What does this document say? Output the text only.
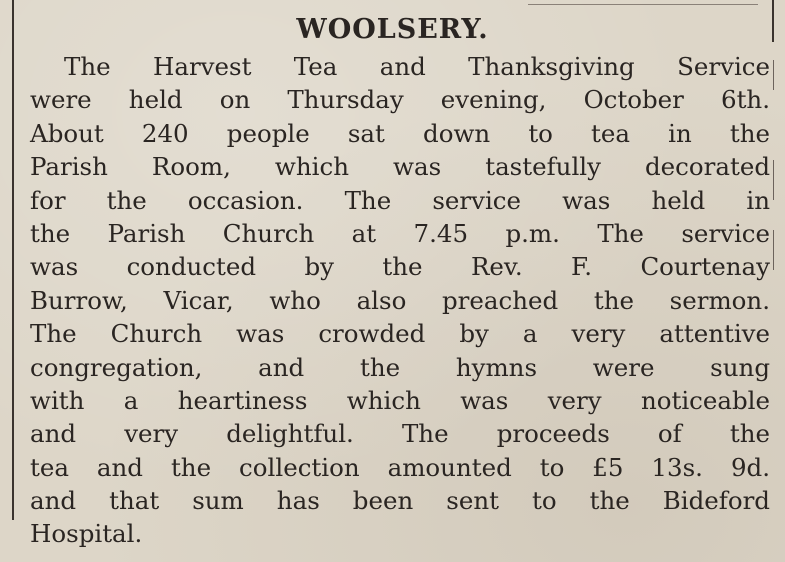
WOOLSERY.
The Harvest Tea and Thanksgiving Service
were held on Thursday evening, October 6th.
About 240 people sat down to tea in the
Parish Room, which was tastefully decorated
for the occasion. The service was held in
the Parish Church at 7.45 p.m. The service
was conducted by the Rev. F. Courtenay
Burrow, Vicar, who also preached the sermon.
The Church was crowded by a very attentive
congregation, and the hymns were sung
with a heartiness which was very noticeable
and very delightful. The proceeds of the
tea and the collection amounted to £5 13s. 9d.
and that sum has been sent to the Bideford
Hospital.
